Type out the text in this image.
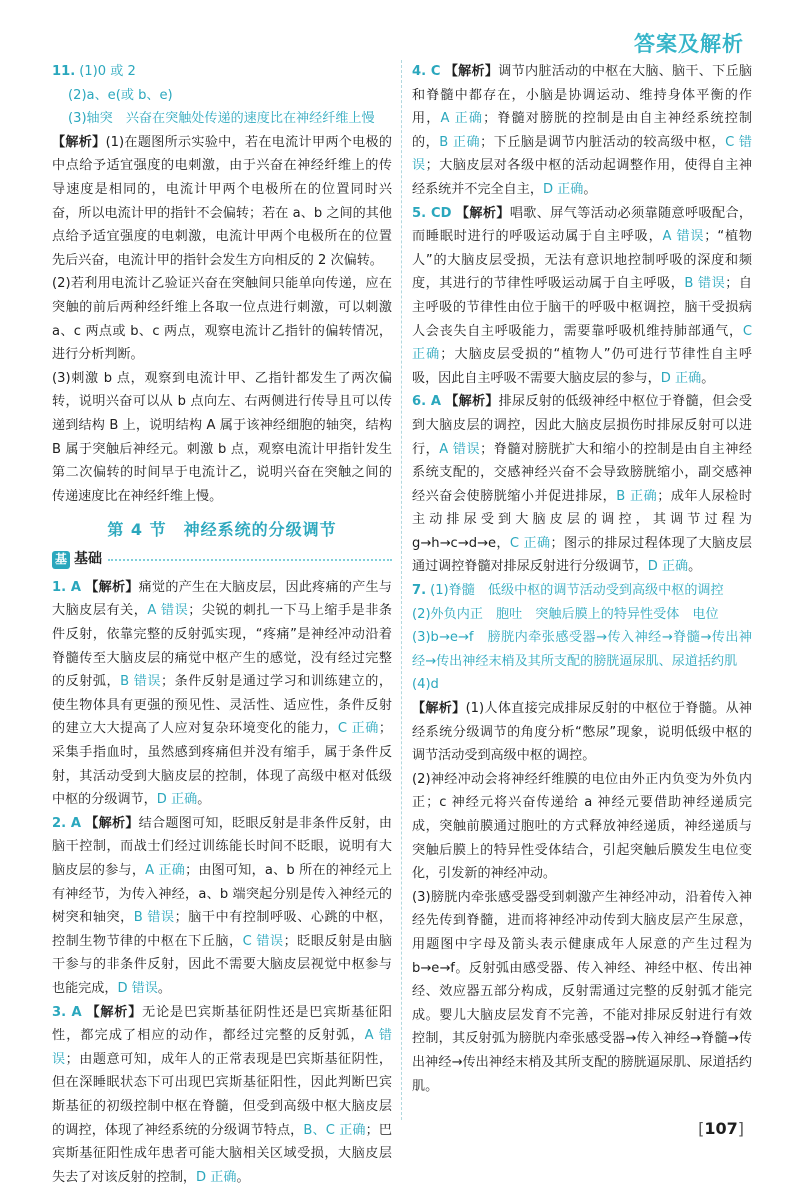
答案及解析

11. (1)0 或 2

(2)a、e(或 b、e)

(3)轴突　兴奋在突触处传递的速度比在神经纤维上慢

【解析】(1)在题图所示实验中，若在电流计甲两个电极的中点给予适宜强度的电刺激，由于兴奋在神经纤维上的传导速度是相同的，电流计甲两个电极所在的位置同时兴奋，所以电流计甲的指针不会偏转；若在 a、b 之间的其他点给予适宜强度的电刺激，电流计甲两个电极所在的位置先后兴奋，电流计甲的指针会发生方向相反的 2 次偏转。

(2)若利用电流计乙验证兴奋在突触间只能单向传递，应在突触的前后两种经纤维上各取一位点进行刺激，可以刺激 a、c 两点或 b、c 两点，观察电流计乙指针的偏转情况，进行分析判断。

(3)刺激 b 点，观察到电流计甲、乙指针都发生了两次偏转，说明兴奋可以从 b 点向左、右两侧进行传导且可以传递到结构 B 上，说明结构 A 属于该神经细胞的轴突，结构 B 属于突触后神经元。刺激 b 点，观察电流计甲指针发生第二次偏转的时间早于电流计乙，说明兴奋在突触之间的传递速度比在神经纤维上慢。

第 4 节　神经系统的分级调节
基 基础

1. A 【解析】痛觉的产生在大脑皮层，因此疼痛的产生与大脑皮层有关，A 错误；尖锐的刺扎一下马上缩手是非条件反射，依靠完整的反射弧实现，“疼痛”是神经冲动沿着脊髓传至大脑皮层的痛觉中枢产生的感觉，没有经过完整的反射弧，B 错误；条件反射是通过学习和训练建立的，使生物体具有更强的预见性、灵活性、适应性，条件反射的建立大大提高了人应对复杂环境变化的能力，C 正确；采集手指血时，虽然感到疼痛但并没有缩手，属于条件反射，其活动受到大脑皮层的控制，体现了高级中枢对低级中枢的分级调节，D 正确。

2. A 【解析】结合题图可知，眨眼反射是非条件反射，由脑干控制，而战士们经过训练能长时间不眨眼，说明有大脑皮层的参与，A 正确；由图可知，a、b 所在的神经元上有神经节，为传入神经，a、b 端突起分别是传入神经元的树突和轴突，B 错误；脑干中有控制呼吸、心跳的中枢，控制生物节律的中枢在下丘脑，C 错误；眨眼反射是由脑干参与的非条件反射，因此不需要大脑皮层视觉中枢参与也能完成，D 错误。

3. A 【解析】无论是巴宾斯基征阴性还是巴宾斯基征阳性，都完成了相应的动作，都经过完整的反射弧，A 错误；由题意可知，成年人的正常表现是巴宾斯基征阴性，但在深睡眠状态下可出现巴宾斯基征阳性，因此判断巴宾斯基征的初级控制中枢在脊髓，但受到高级中枢大脑皮层的调控，体现了神经系统的分级调节特点，B、C 正确；巴宾斯基征阳性成年患者可能大脑相关区域受损，大脑皮层失去了对该反射的控制，D 正确。

4. C 【解析】调节内脏活动的中枢在大脑、脑干、下丘脑和脊髓中都存在，小脑是协调运动、维持身体平衡的作用，A 正确；脊髓对膀胱的控制是由自主神经系统控制的，B 正确；下丘脑是调节内脏活动的较高级中枢，C 错误；大脑皮层对各级中枢的活动起调整作用，使得自主神经系统并不完全自主，D 正确。

5. CD 【解析】唱歌、屏气等活动必须靠随意呼吸配合，而睡眠时进行的呼吸运动属于自主呼吸，A 错误；“植物人”的大脑皮层受损，无法有意识地控制呼吸的深度和频度，其进行的节律性呼吸运动属于自主呼吸，B 错误；自主呼吸的节律性由位于脑干的呼吸中枢调控，脑干受损病人会丧失自主呼吸能力，需要靠呼吸机维持肺部通气，C 正确；大脑皮层受损的“植物人”仍可进行节律性自主呼吸，因此自主呼吸不需要大脑皮层的参与，D 正确。

6. A 【解析】排尿反射的低级神经中枢位于脊髓，但会受到大脑皮层的调控，因此大脑皮层损伤时排尿反射可以进行，A 错误；脊髓对膀胱扩大和缩小的控制是由自主神经系统支配的，交感神经兴奋不会导致膀胱缩小，副交感神经兴奋会使膀胱缩小并促进排尿，B 正确；成年人尿检时主动排尿受到大脑皮层的调控，其调节过程为 g→h→c→d→e，C 正确；图示的排尿过程体现了大脑皮层通过调控脊髓对排尿反射进行分级调节，D 正确。

7. (1)脊髓　低级中枢的调节活动受到高级中枢的调控

(2)外负内正　胞吐　突触后膜上的特异性受体　电位

(3)b→e→f　膀胱内牵张感受器→传入神经→脊髓→传出神经→传出神经末梢及其所支配的膀胱逼尿肌、尿道括约肌

(4)d

【解析】(1)人体直接完成排尿反射的中枢位于脊髓。从神经系统分级调节的角度分析“憋尿”现象，说明低级中枢的调节活动受到高级中枢的调控。

(2)神经冲动会将神经纤维膜的电位由外正内负变为外负内正；c 神经元将兴奋传递给 a 神经元要借助神经递质完成，突触前膜通过胞吐的方式释放神经递质，神经递质与突触后膜上的特异性受体结合，引起突触后膜发生电位变化，引发新的神经冲动。

(3)膀胱内牵张感受器受到刺激产生神经冲动，沿着传入神经先传到脊髓，进而将神经冲动传到大脑皮层产生尿意，用题图中字母及箭头表示健康成年人尿意的产生过程为 b→e→f。反射弧由感受器、传入神经、神经中枢、传出神经、效应器五部分构成，反射需通过完整的反射弧才能完成。婴儿大脑皮层发育不完善，不能对排尿反射进行有效控制，其反射弧为膀胱内牵张感受器→传入神经→脊髓→传出神经→传出神经末梢及其所支配的膀胱逼尿肌、尿道括约肌。

[107]
